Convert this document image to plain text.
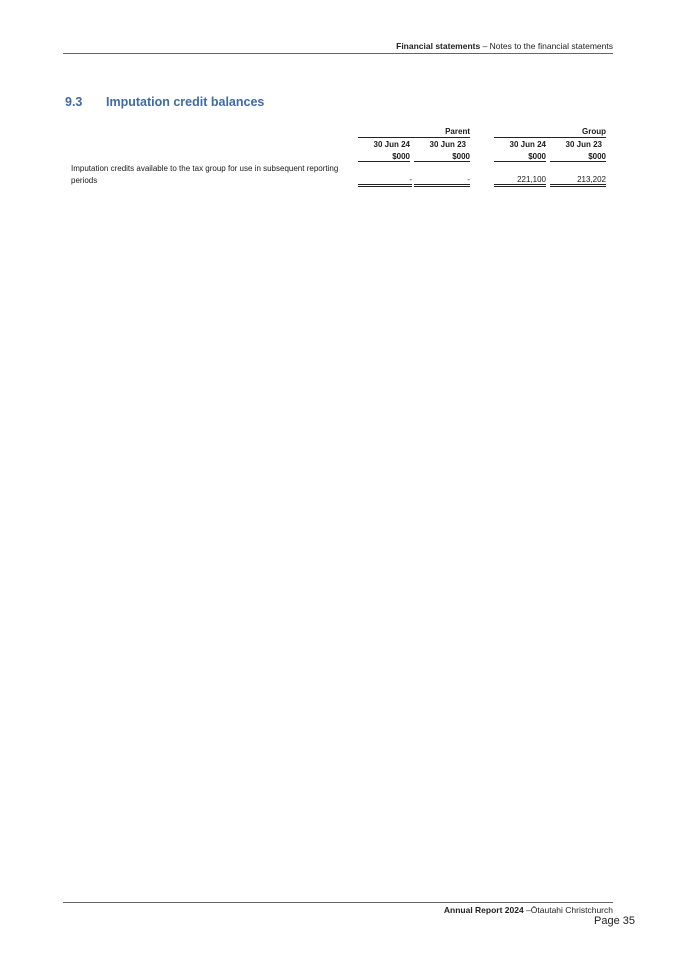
Financial statements – Notes to the financial statements
9.3	Imputation credit balances
Parent	Group
30 Jun 24	30 Jun 23	30 Jun 24	30 Jun 23
$000	$000	$000	$000
Imputation credits available to the tax group for use in subsequent reporting periods	-	-	221,100	213,202
Annual Report 2024 –Ōtautahi Christchurch
Page 35
